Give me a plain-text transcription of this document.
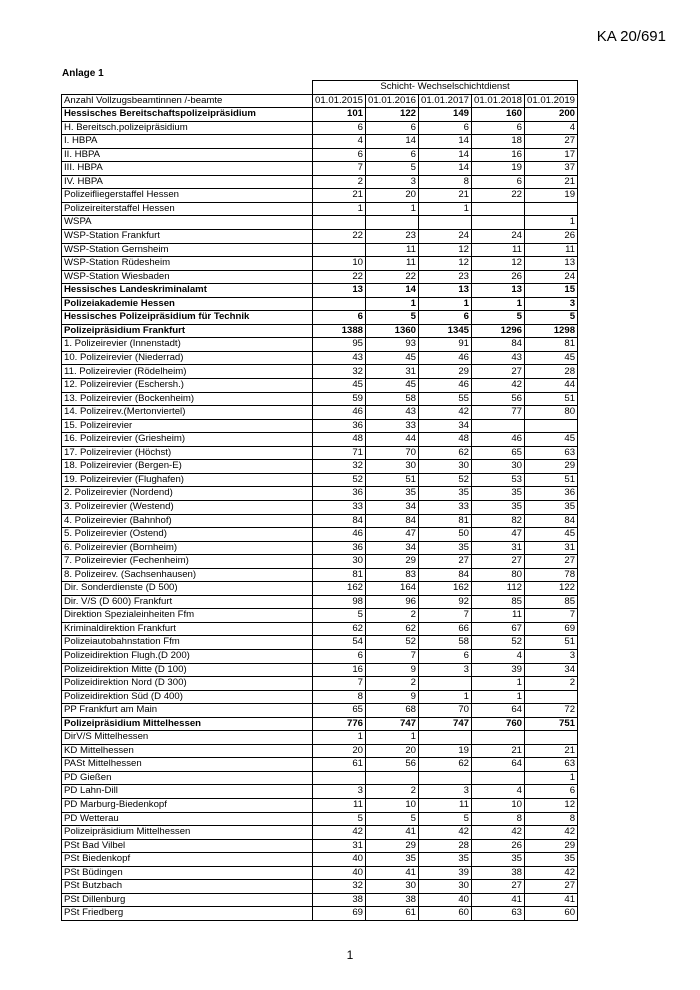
KA 20/691
Anlage 1
	Schicht- Wechselschichtdienst				
Anzahl Vollzugsbeamtinnen /-beamte	01.01.2015	01.01.2016	01.01.2017	01.01.2018	01.01.2019
Hessisches Bereitschaftspolizeipräsidium	101	122	149	160	200
H. Bereitsch.polizeipräsidium	6	6	6	6	4
I. HBPA	4	14	14	18	27
II. HBPA	6	6	14	16	17
III. HBPA	7	5	14	19	37
IV. HBPA	2	3	8	6	21
Polizeifliegerstaffel Hessen	21	20	21	22	19
Polizeireiterstaffel Hessen	1	1	1		
WSPA					1
WSP-Station Frankfurt	22	23	24	24	26
WSP-Station Gernsheim		11	12	11	11
WSP-Station Rüdesheim	10	11	12	12	13
WSP-Station Wiesbaden	22	22	23	26	24
Hessisches Landeskriminalamt	13	14	13	13	15
Polizeiakademie Hessen		1	1	1	3
Hessisches Polizeipräsidium für Technik	6	5	6	5	5
Polizeipräsidium Frankfurt	1388	1360	1345	1296	1298
1. Polizeirevier (Innenstadt)	95	93	91	84	81
10. Polizeirevier (Niederrad)	43	45	46	43	45
11. Polizeirevier (Rödelheim)	32	31	29	27	28
12. Polizeirevier (Eschersh.)	45	45	46	42	44
13. Polizeirevier (Bockenheim)	59	58	55	56	51
14. Polizeirev.(Mertonviertel)	46	43	42	77	80
15. Polizeirevier	36	33	34		
16. Polizeirevier (Griesheim)	48	44	48	46	45
17. Polizeirevier (Höchst)	71	70	62	65	63
18. Polizeirevier (Bergen-E)	32	30	30	30	29
19. Polizeirevier (Flughafen)	52	51	52	53	51
2. Polizeirevier (Nordend)	36	35	35	35	36
3. Polizeirevier (Westend)	33	34	33	35	35
4. Polizeirevier (Bahnhof)	84	84	81	82	84
5. Polizeirevier (Ostend)	46	47	50	47	45
6. Polizeirevier (Bornheim)	36	34	35	31	31
7. Polizeirevier (Fechenheim)	30	29	27	27	27
8. Polizeirev. (Sachsenhausen)	81	83	84	80	78
Dir. Sonderdienste (D 500)	162	164	162	112	122
Dir. V/S (D 600) Frankfurt	98	96	92	85	85
Direktion Spezialeinheiten Ffm	5	2	7	11	7
Kriminaldirektion Frankfurt	62	62	66	67	69
Polizeiautobahnstation Ffm	54	52	58	52	51
Polizeidirektion Flugh.(D 200)	6	7	6	4	3
Polizeidirektion Mitte (D 100)	16	9	3	39	34
Polizeidirektion Nord (D 300)	7	2		1	2
Polizeidirektion Süd (D 400)	8	9	1	1	
PP Frankfurt am Main	65	68	70	64	72
Polizeipräsidium Mittelhessen	776	747	747	760	751
DirV/S Mittelhessen	1	1			
KD Mittelhessen	20	20	19	21	21
PASt Mittelhessen	61	56	62	64	63
PD Gießen					1
PD Lahn-Dill	3	2	3	4	6
PD Marburg-Biedenkopf	11	10	11	10	12
PD Wetterau	5	5	5	8	8
Polizeipräsidium Mittelhessen	42	41	42	42	42
PSt Bad Vilbel	31	29	28	26	29
PSt Biedenkopf	40	35	35	35	35
PSt Büdingen	40	41	39	38	42
PSt Butzbach	32	30	30	27	27
PSt Dillenburg	38	38	40	41	41
PSt Friedberg	69	61	60	63	60
1
